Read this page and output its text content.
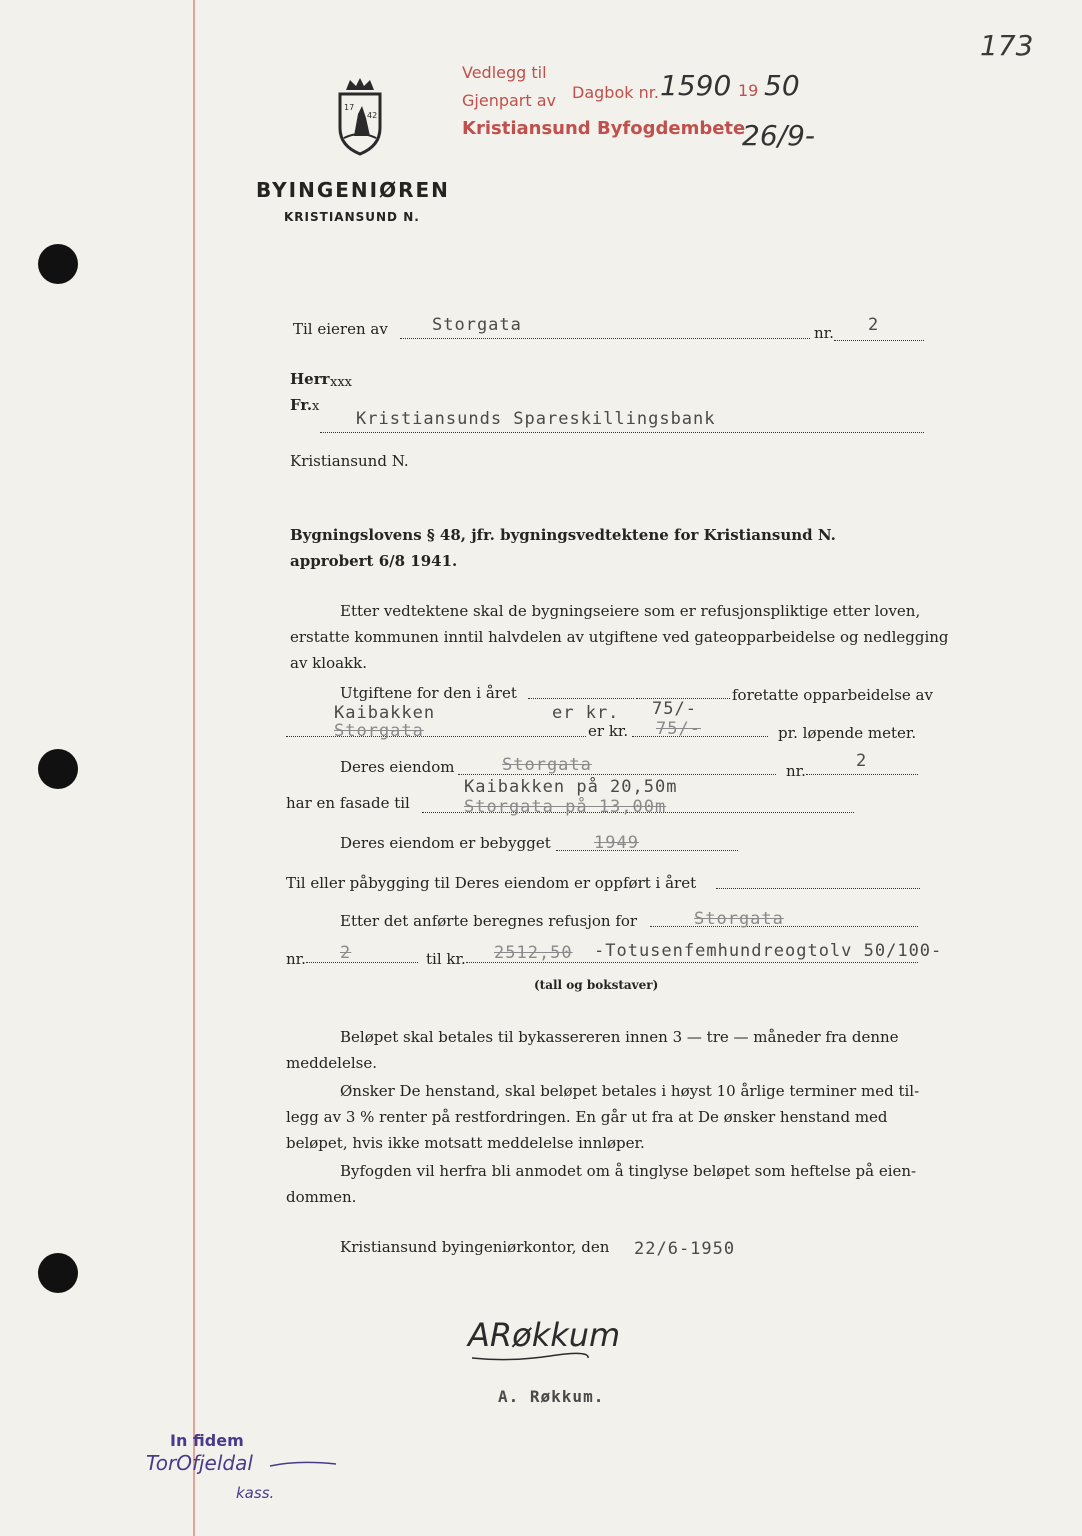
173
Vedlegg til
Gjenpart av Dagbok nr. 1590 19 50
Kristiansund Byfogdembete
26/9-
17
42
BYINGENIØREN
KRISTIANSUND N.
Til eieren av	Storgata	nr. 2
Herr xxx
Fr. x
Kristiansunds Spareskillingsbank
Kristiansund N.
Bygningslovens § 48, jfr. bygningsvedtektene for Kristiansund N.
approbert 6/8 1941.
Etter vedtektene skal de bygningseiere som er refusjonspliktige etter loven,
erstatte kommunen inntil halvdelen av utgiftene ved gateopparbeidelse og nedlegging
av kloakk.
Utgiftene for den i året	foretatte opparbeidelse av
Kaibakken	er kr. 75/-
Storgata	er kr. 75/-	pr. løpende meter.
Deres eiendom	Storgata	nr.	2
har en fasade til
Kaibakken på 20,50m
Storgata på 13,00m
Deres eiendom er bebygget	1949
Til eller påbygging til Deres eiendom er oppført i året
Etter det anførte beregnes refusjon for	Storgata
nr. 2	til kr. 2512,50 -Totusenfemhundreogtolv 50/100-
(tall og bokstaver)
Beløpet skal betales til bykassereren innen 3 — tre — måneder fra denne
meddelelse.
Ønsker De henstand, skal beløpet betales i høyst 10 årlige terminer med til-
legg av 3 % renter på restfordringen. En går ut fra at De ønsker henstand med
beløpet, hvis ikke motsatt meddelelse innløper.
Byfogden vil herfra bli anmodet om å tinglyse beløpet som heftelse på eien-
dommen.
Kristiansund byingeniørkontor, den 22/6-1950
ARøkkum
A. Røkkum.
In fidem
TorOfjeldal
kass.
